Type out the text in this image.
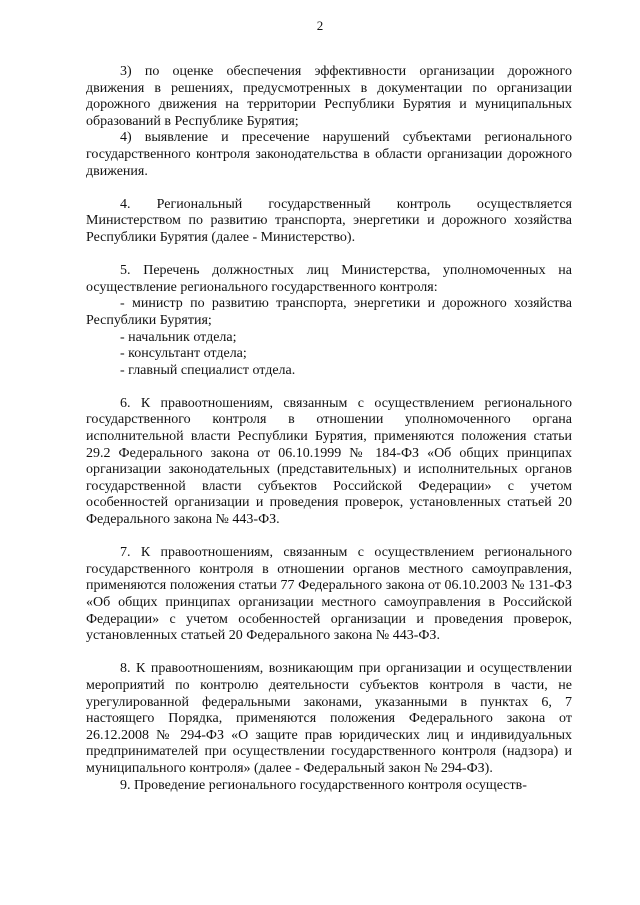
2

3) по оценке обеспечения эффективности организации дорожного движения в решениях, предусмотренных в документации по организации дорожного движения на территории Республики Бурятия и муниципальных образований в Республике Бурятия;

4) выявление и пресечение нарушений субъектами регионального государственного контроля законодательства в области организации дорожного движения.

4. Региональный государственный контроль осуществляется Министерством по развитию транспорта, энергетики и дорожного хозяйства Республики Бурятия (далее - Министерство).

5. Перечень должностных лиц Министерства, уполномоченных на осуществление регионального государственного контроля:

- министр по развитию транспорта, энергетики и дорожного хозяйства Республики Бурятия;

- начальник отдела;

- консультант отдела;

- главный специалист отдела.

6. К правоотношениям, связанным с осуществлением регионального государственного контроля в отношении уполномоченного органа исполнительной власти Республики Бурятия, применяются положения статьи 29.2 Федерального закона от 06.10.1999 № 184-ФЗ «Об общих принципах организации законодательных (представительных) и исполнительных органов государственной власти субъектов Российской Федерации» с учетом особенностей организации и проведения проверок, установленных статьей 20 Федерального закона № 443-ФЗ.

7. К правоотношениям, связанным с осуществлением регионального государственного контроля в отношении органов местного самоуправления, применяются положения статьи 77 Федерального закона от 06.10.2003 № 131-ФЗ «Об общих принципах организации местного самоуправления в Российской Федерации» с учетом особенностей организации и проведения проверок, установленных статьей 20 Федерального закона № 443-ФЗ.

8. К правоотношениям, возникающим при организации и осуществлении мероприятий по контролю деятельности субъектов контроля в части, не урегулированной федеральными законами, указанными в пунктах 6, 7 настоящего Порядка, применяются положения Федерального закона от 26.12.2008 № 294-ФЗ «О защите прав юридических лиц и индивидуальных предпринимателей при осуществлении государственного контроля (надзора) и муниципального контроля» (далее - Федеральный закон № 294-ФЗ).

9. Проведение регионального государственного контроля осуществ-
